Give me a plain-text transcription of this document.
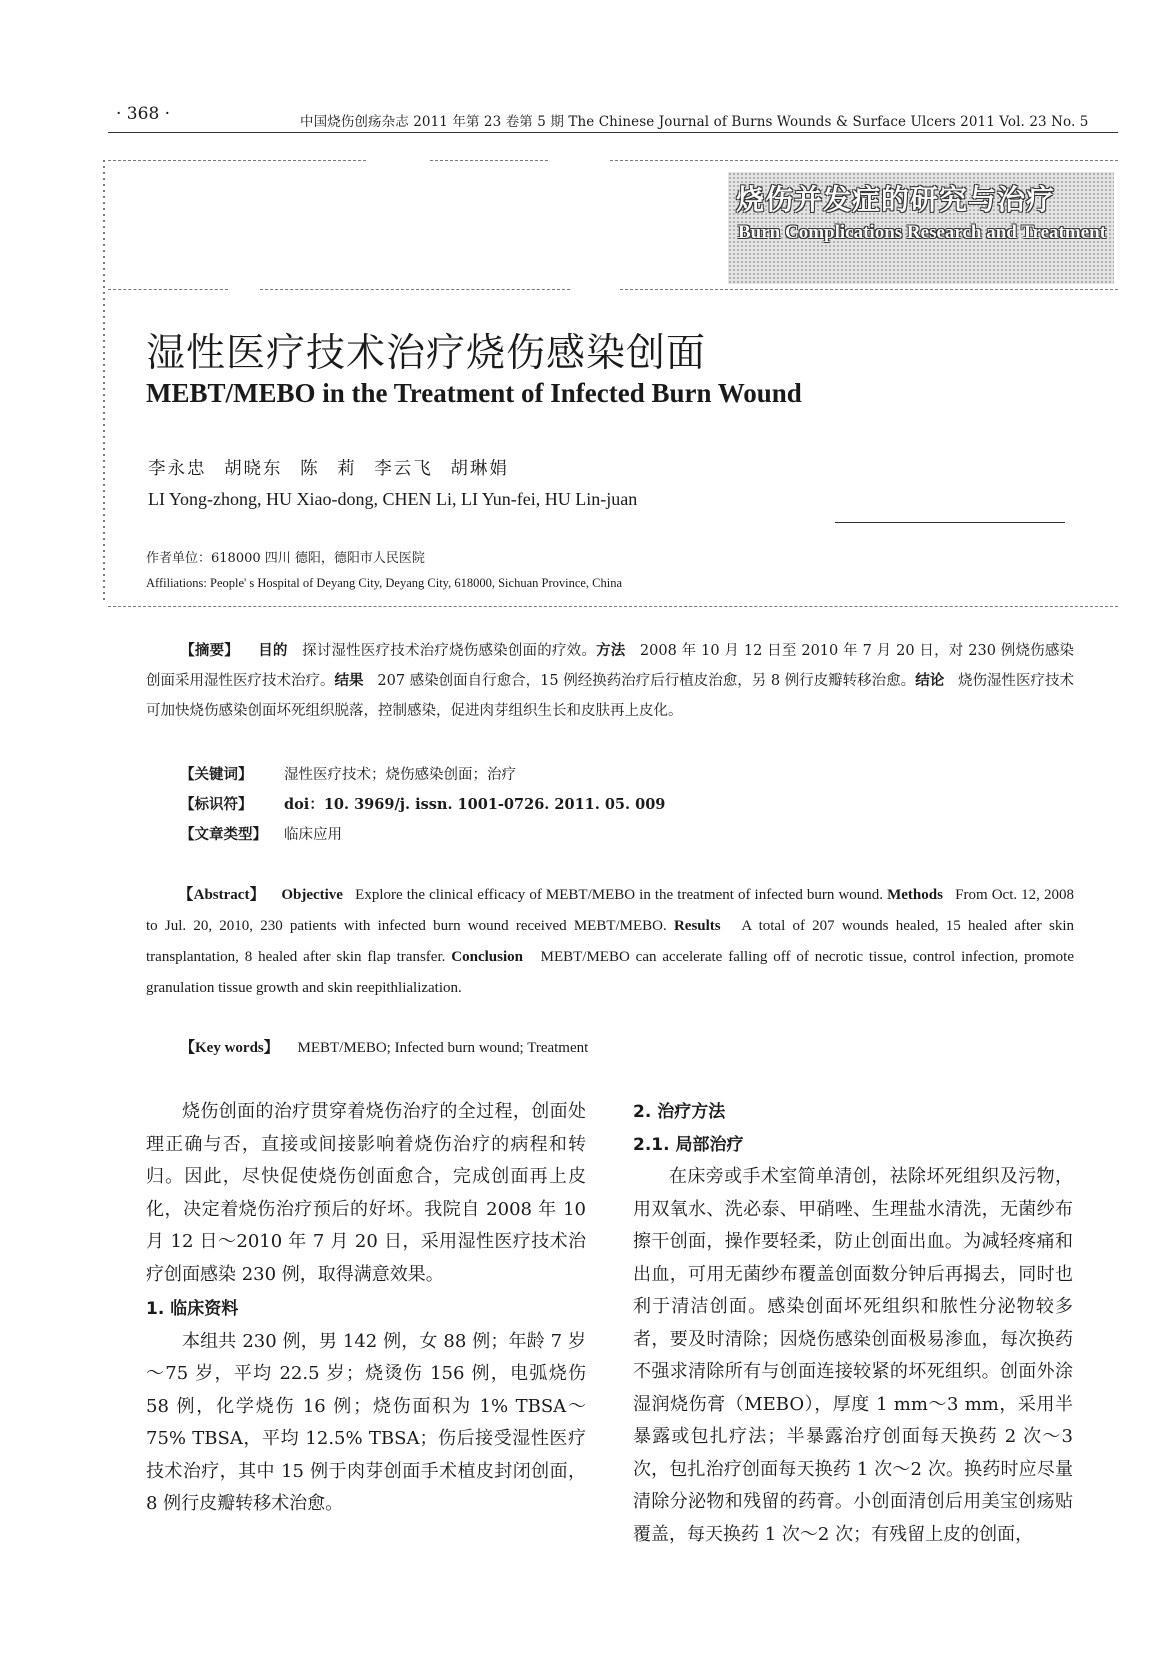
· 368 ·	中国烧伤创疡杂志 2011 年第 23 卷第 5 期 The Chinese Journal of Burns Wounds & Surface Ulcers 2011 Vol. 23 No. 5
烧伤并发症的研究与治疗
Burn Complications Research and Treatment
湿性医疗技术治疗烧伤感染创面
MEBT/MEBO in the Treatment of Infected Burn Wound
李永忠 胡晓东 陈 莉 李云飞 胡琳娟
LI Yong-zhong, HU Xiao-dong, CHEN Li, LI Yun-fei, HU Lin-juan
作者单位：618000 四川 德阳，德阳市人民医院
Affiliations: People' s Hospital of Deyang City, Deyang City, 618000, Sichuan Province, China
【摘要】 目的 探讨湿性医疗技术治疗烧伤感染创面的疗效。方法 2008 年 10 月 12 日至 2010 年 7 月 20 日，对 230 例烧伤感染创面采用湿性医疗技术治疗。结果 207 感染创面自行愈合，15 例经换药治疗后行植皮治愈，另 8 例行皮瓣转移治愈。结论 烧伤湿性医疗技术可加快烧伤感染创面坏死组织脱落，控制感染，促进肉芽组织生长和皮肤再上皮化。
【关键词】 湿性医疗技术；烧伤感染创面；治疗
【标识符】 doi：10. 3969/j. issn. 1001-0726. 2011. 05. 009
【文章类型】 临床应用
【Abstract】 Objective Explore the clinical efficacy of MEBT/MEBO in the treatment of infected burn wound. Methods From Oct. 12, 2008 to Jul. 20, 2010, 230 patients with infected burn wound received MEBT/MEBO. Results A total of 207 wounds healed, 15 healed after skin transplantation, 8 healed after skin flap transfer. Conclusion MEBT/MEBO can accelerate falling off of necrotic tissue, control infection, promote granulation tissue growth and skin reepithlialization.
【Key words】 MEBT/MEBO; Infected burn wound; Treatment

烧伤创面的治疗贯穿着烧伤治疗的全过程，创面处理正确与否，直接或间接影响着烧伤治疗的病程和转归。因此，尽快促使烧伤创面愈合，完成创面再上皮化，决定着烧伤治疗预后的好坏。我院自 2008 年 10 月 12 日～2010 年 7 月 20 日，采用湿性医疗技术治疗创面感染 230 例，取得满意效果。

1. 临床资料

本组共 230 例，男 142 例，女 88 例；年龄 7 岁～75 岁，平均 22.5 岁；烧烫伤 156 例，电弧烧伤 58 例，化学烧伤 16 例；烧伤面积为 1% TBSA～75% TBSA，平均 12.5% TBSA；伤后接受湿性医疗技术治疗，其中 15 例于肉芽创面手术植皮封闭创面，8 例行皮瓣转移术治愈。

2. 治疗方法

2.1. 局部治疗

在床旁或手术室简单清创，祛除坏死组织及污物，用双氧水、洗必泰、甲硝唑、生理盐水清洗，无菌纱布擦干创面，操作要轻柔，防止创面出血。为减轻疼痛和出血，可用无菌纱布覆盖创面数分钟后再揭去，同时也利于清洁创面。感染创面坏死组织和脓性分泌物较多者，要及时清除；因烧伤感染创面极易渗血，每次换药不强求清除所有与创面连接较紧的坏死组织。创面外涂湿润烧伤膏（MEBO），厚度 1 mm～3 mm，采用半暴露或包扎疗法；半暴露治疗创面每天换药 2 次～3 次，包扎治疗创面每天换药 1 次～2 次。换药时应尽量清除分泌物和残留的药膏。小创面清创后用美宝创疡贴覆盖，每天换药 1 次～2 次；有残留上皮的创面，
